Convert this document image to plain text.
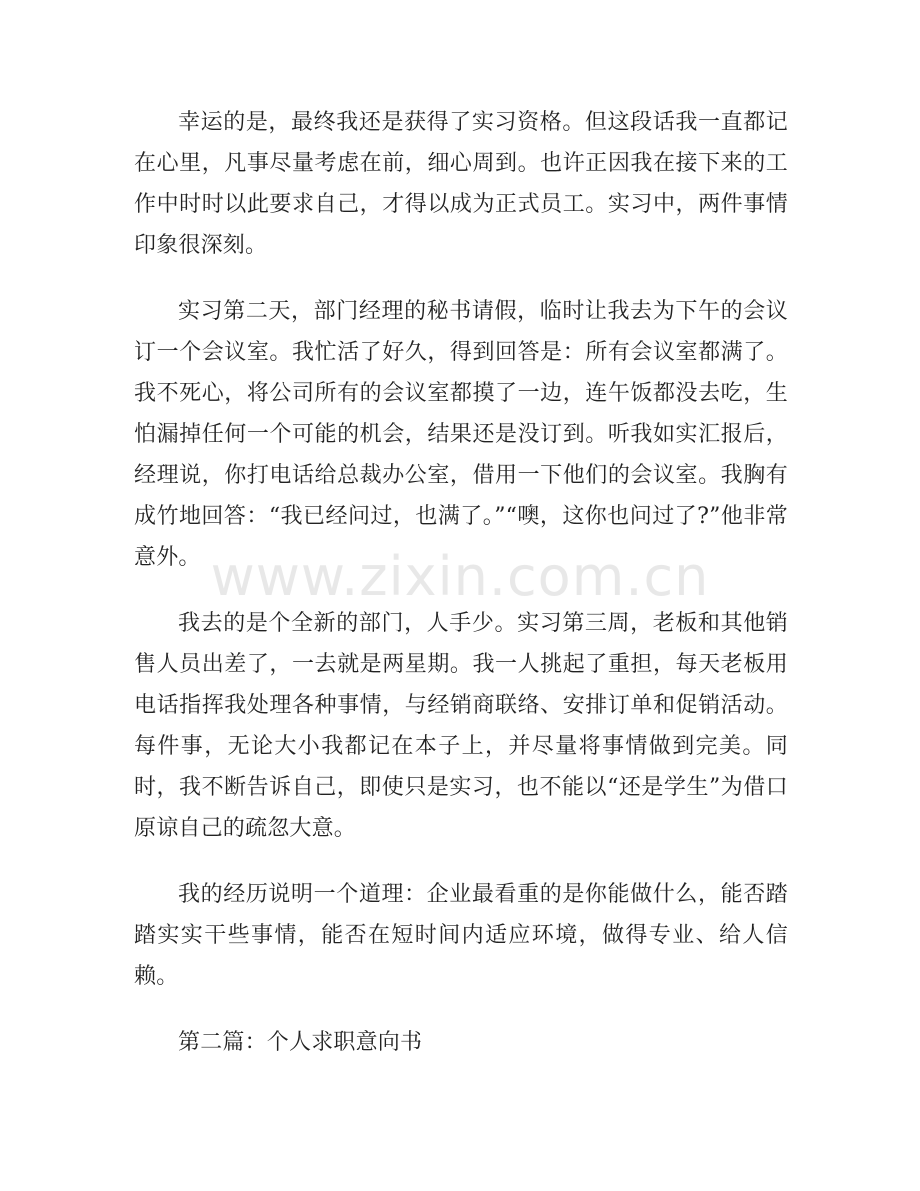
幸运的是，最终我还是获得了实习资格。但这段话我一直都记在心里，凡事尽量考虑在前，细心周到。也许正因我在接下来的工作中时时以此要求自己，才得以成为正式员工。实习中，两件事情印象很深刻。

实习第二天，部门经理的秘书请假，临时让我去为下午的会议订一个会议室。我忙活了好久，得到回答是：所有会议室都满了。我不死心，将公司所有的会议室都摸了一边，连午饭都没去吃，生怕漏掉任何一个可能的机会，结果还是没订到。听我如实汇报后，经理说，你打电话给总裁办公室，借用一下他们的会议室。我胸有成竹地回答：“我已经问过，也满了。”“噢，这你也问过了?”他非常意外。

我去的是个全新的部门，人手少。实习第三周，老板和其他销售人员出差了，一去就是两星期。我一人挑起了重担，每天老板用电话指挥我处理各种事情，与经销商联络、安排订单和促销活动。每件事，无论大小我都记在本子上，并尽量将事情做到完美。同时，我不断告诉自己，即使只是实习，也不能以“还是学生”为借口原谅自己的疏忽大意。

我的经历说明一个道理：企业最看重的是你能做什么，能否踏踏实实干些事情，能否在短时间内适应环境，做得专业、给人信赖。

第二篇：个人求职意向书

www.zixin.com.cn
